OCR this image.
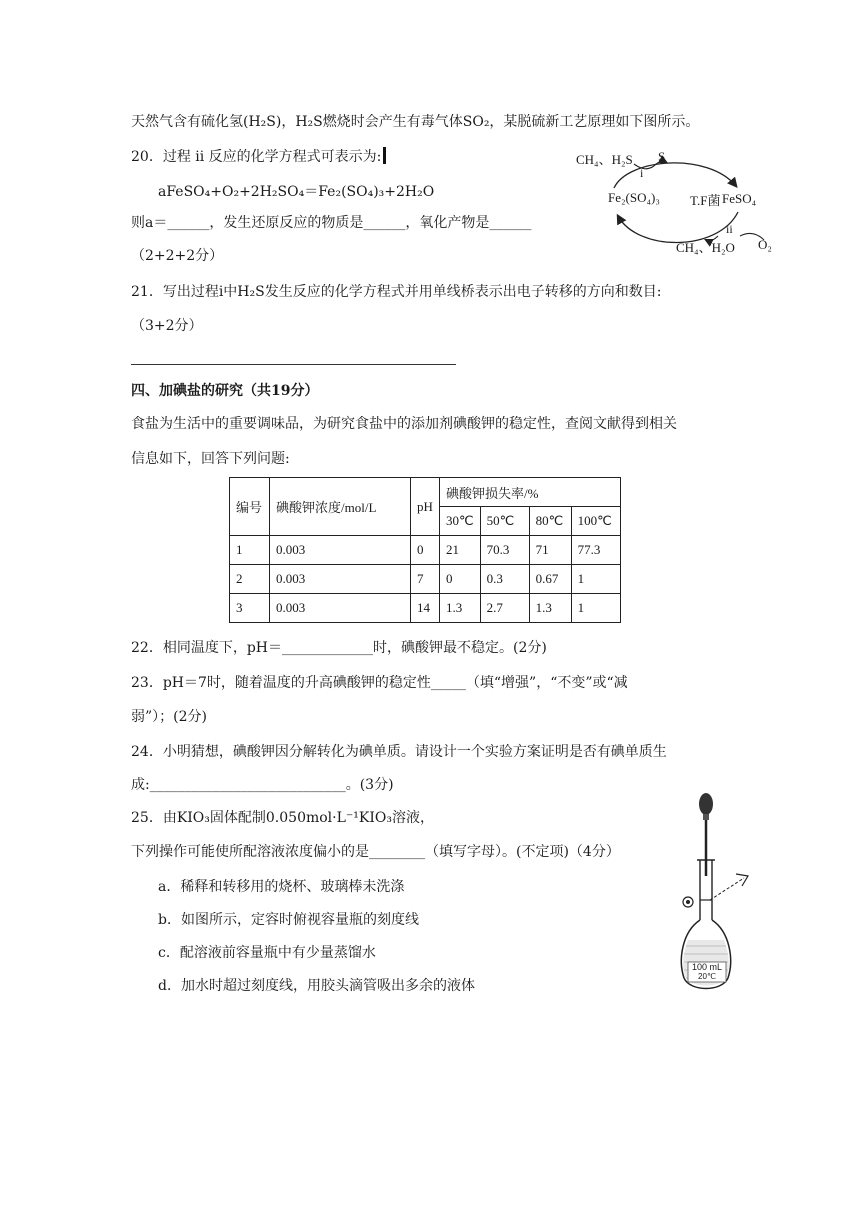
天然气含有硫化氢(H₂S)，H₂S燃烧时会产生有毒气体SO₂，某脱硫新工艺原理如下图所示。
20．过程 ii 反应的化学方程式可表示为:
aFeSO₄+O₂+2H₂SO₄＝Fe₂(SO₄)₃+2H₂O
则a＝______，发生还原反应的物质是______，氧化产物是______
（2+2+2分）
CH₄、H₂S S
i
Fe₂(SO₄)₃ T.F菌 FeSO₄
ii
CH₄、H₂O O₂
21．写出过程i中H₂S发生反应的化学方程式并用单线桥表示出电子转移的方向和数目:
（3+2分）
四、加碘盐的研究（共19分）
食盐为生活中的重要调味品，为研究食盐中的添加剂碘酸钾的稳定性，查阅文献得到相关
信息如下，回答下列问题:
编号	碘酸钾浓度/mol/L	pH	碘酸钾损失率/%			
			30℃	50℃	80℃	100℃
1	0.003	0	21	70.3	71	77.3
2	0.003	7	0	0.3	0.67	1
3	0.003	14	1.3	2.7	1.3	1
22．相同温度下，pH＝_____________时，碘酸钾最不稳定。(2分)
23．pH＝7时，随着温度的升高碘酸钾的稳定性_____（填“增强”，“不变”或“减
弱”）；(2分)
24．小明猜想，碘酸钾因分解转化为碘单质。请设计一个实验方案证明是否有碘单质生
成:____________________________。(3分)
25．由KIO₃固体配制0.050mol·L⁻¹KIO₃溶液，
下列操作可能使所配溶液浓度偏小的是________（填写字母）。(不定项)（4分）
a．稀释和转移用的烧杯、玻璃棒未洗涤
b．如图所示，定容时俯视容量瓶的刻度线
c．配溶液前容量瓶中有少量蒸馏水
d．加水时超过刻度线，用胶头滴管吸出多余的液体
100 mL
20℃
